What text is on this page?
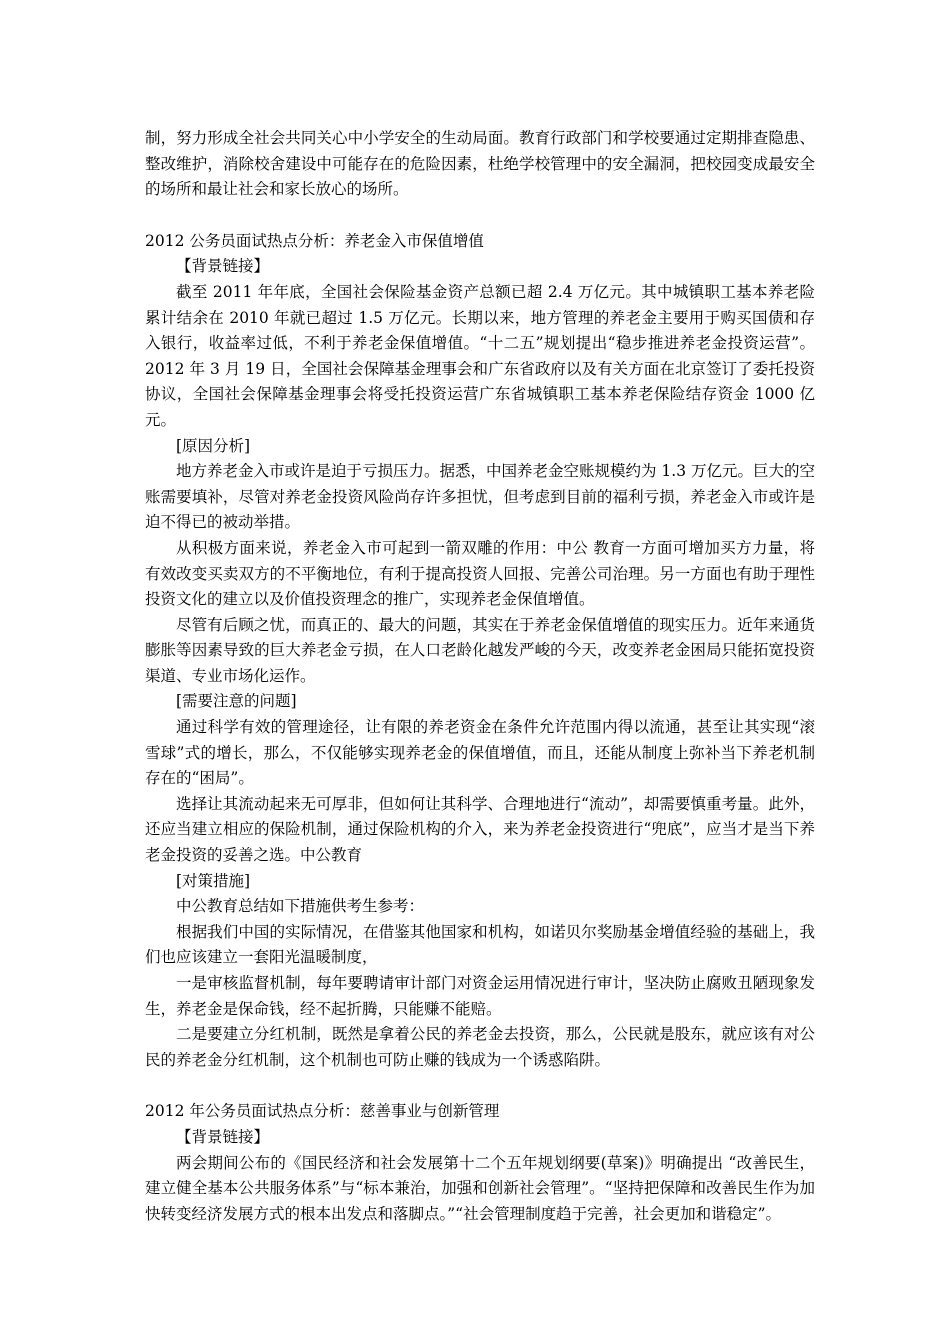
制，努力形成全社会共同关心中小学安全的生动局面。教育行政部门和学校要通过定期排查隐患、整改维护，消除校舍建设中可能存在的危险因素，杜绝学校管理中的安全漏洞，把校园变成最安全的场所和最让社会和家长放心的场所。

2012 公务员面试热点分析：养老金入市保值增值

【背景链接】

截至 2011 年年底，全国社会保险基金资产总额已超 2.4 万亿元。其中城镇职工基本养老险累计结余在 2010 年就已超过 1.5 万亿元。长期以来，地方管理的养老金主要用于购买国债和存入银行，收益率过低，不利于养老金保值增值。“十二五”规划提出“稳步推进养老金投资运营”。2012 年 3 月 19 日，全国社会保障基金理事会和广东省政府以及有关方面在北京签订了委托投资协议，全国社会保障基金理事会将受托投资运营广东省城镇职工基本养老保险结存资金 1000 亿元。

[原因分析]

地方养老金入市或许是迫于亏损压力。据悉，中国养老金空账规模约为 1.3 万亿元。巨大的空账需要填补，尽管对养老金投资风险尚存许多担忧，但考虑到目前的福利亏损，养老金入市或许是迫不得已的被动举措。

从积极方面来说，养老金入市可起到一箭双雕的作用：中公 教育一方面可增加买方力量，将有效改变买卖双方的不平衡地位，有利于提高投资人回报、完善公司治理。另一方面也有助于理性投资文化的建立以及价值投资理念的推广，实现养老金保值增值。

尽管有后顾之忧，而真正的、最大的问题，其实在于养老金保值增值的现实压力。近年来通货膨胀等因素导致的巨大养老金亏损，在人口老龄化越发严峻的今天，改变养老金困局只能拓宽投资渠道、专业市场化运作。

[需要注意的问题]

通过科学有效的管理途径，让有限的养老资金在条件允许范围内得以流通，甚至让其实现“滚雪球”式的增长，那么，不仅能够实现养老金的保值增值，而且，还能从制度上弥补当下养老机制存在的“困局”。

选择让其流动起来无可厚非，但如何让其科学、合理地进行“流动”，却需要慎重考量。此外，还应当建立相应的保险机制，通过保险机构的介入，来为养老金投资进行“兜底”，应当才是当下养老金投资的妥善之选。中公教育

[对策措施]

中公教育总结如下措施供考生参考：

根据我们中国的实际情况，在借鉴其他国家和机构，如诺贝尔奖励基金增值经验的基础上，我们也应该建立一套阳光温暖制度，

一是审核监督机制，每年要聘请审计部门对资金运用情况进行审计，坚决防止腐败丑陋现象发生，养老金是保命钱，经不起折腾，只能赚不能赔。

二是要建立分红机制，既然是拿着公民的养老金去投资，那么，公民就是股东，就应该有对公民的养老金分红机制，这个机制也可防止赚的钱成为一个诱惑陷阱。

2012 年公务员面试热点分析：慈善事业与创新管理

【背景链接】

两会期间公布的《国民经济和社会发展第十二个五年规划纲要(草案)》明确提出 “改善民生，建立健全基本公共服务体系”与“标本兼治，加强和创新社会管理”。“坚持把保障和改善民生作为加快转变经济发展方式的根本出发点和落脚点。”“社会管理制度趋于完善，社会更加和谐稳定”。
